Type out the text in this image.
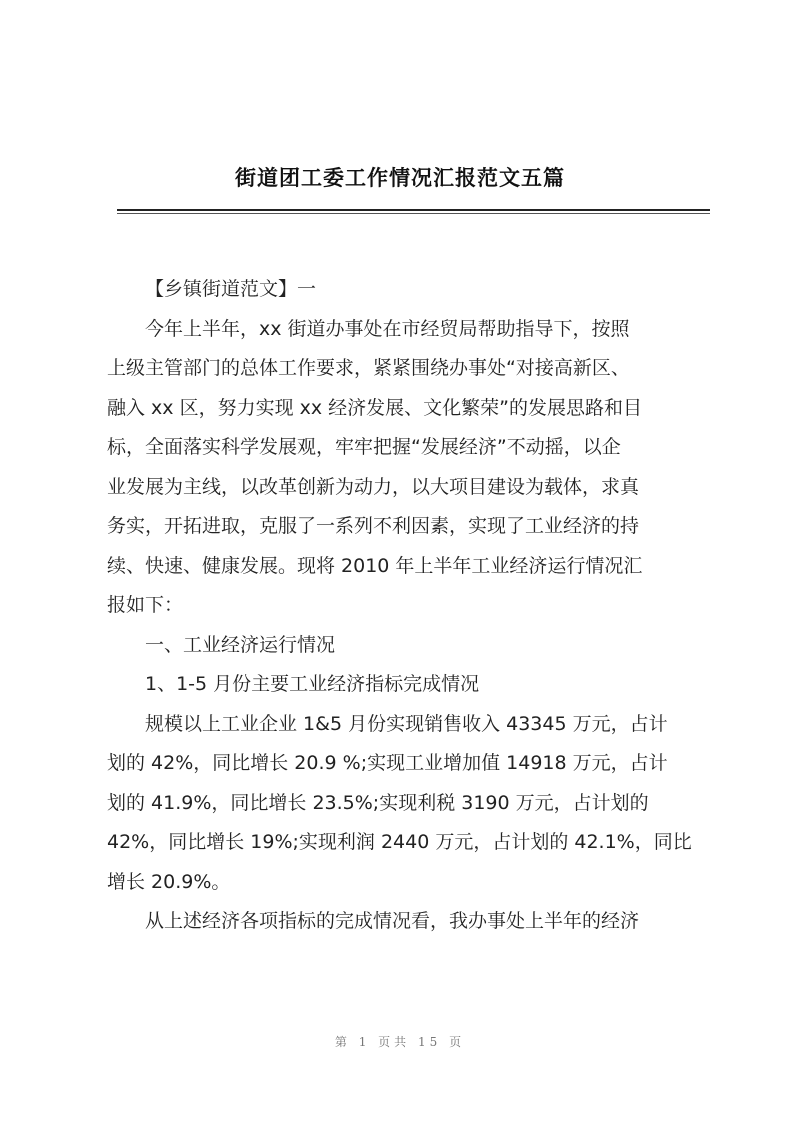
街道团工委工作情况汇报范文五篇
【乡镇街道范文】一
今年上半年，xx 街道办事处在市经贸局帮助指导下，按照
上级主管部门的总体工作要求，紧紧围绕办事处“对接高新区、
融入 xx 区，努力实现 xx 经济发展、文化繁荣”的发展思路和目
标，全面落实科学发展观，牢牢把握“发展经济”不动摇，以企
业发展为主线，以改革创新为动力，以大项目建设为载体，求真
务实，开拓进取，克服了一系列不利因素，实现了工业经济的持
续、快速、健康发展。现将 2010 年上半年工业经济运行情况汇
报如下：
一、工业经济运行情况
1、1-5 月份主要工业经济指标完成情况
规模以上工业企业 1&5 月份实现销售收入 43345 万元，占计
划的 42%，同比增长 20.9 %;实现工业增加值 14918 万元，占计
划的 41.9%，同比增长 23.5%;实现利税 3190 万元，占计划的
42%，同比增长 19%;实现利润 2440 万元，占计划的 42.1%，同比
增长 20.9%。
从上述经济各项指标的完成情况看，我办事处上半年的经济
第 1 页共 15 页
